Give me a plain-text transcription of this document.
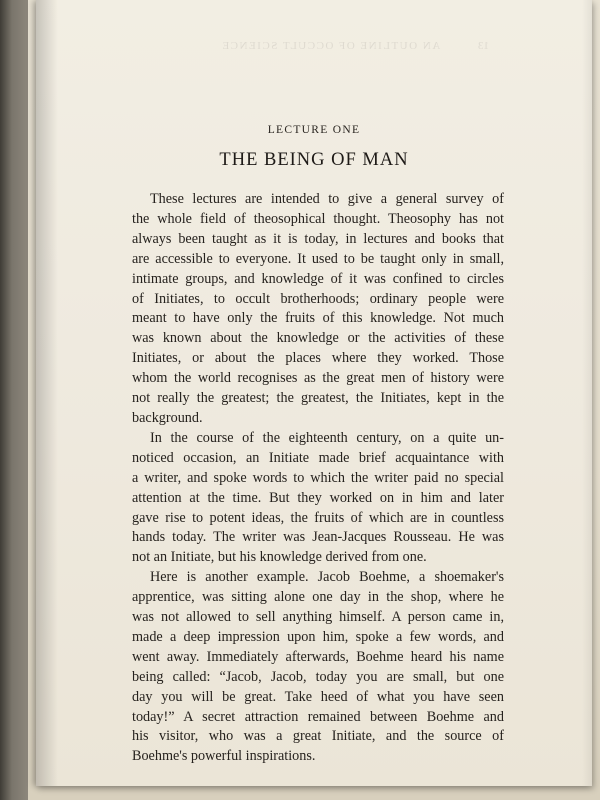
AN OUTLINE OF OCCULT SCIENCE	13
LECTURE ONE
THE BEING OF MAN

These lectures are intended to give a general survey of
the whole field of theosophical thought. Theosophy has not
always been taught as it is today, in lectures and books that
are accessible to everyone. It used to be taught only in small,
intimate groups, and knowledge of it was confined to circles
of Initiates, to occult brotherhoods; ordinary people were
meant to have only the fruits of this knowledge. Not much
was known about the knowledge or the activities of these
Initiates, or about the places where they worked. Those
whom the world recognises as the great men of history were
not really the greatest; the greatest, the Initiates, kept in the
background.

In the course of the eighteenth century, on a quite un-
noticed occasion, an Initiate made brief acquaintance with
a writer, and spoke words to which the writer paid no special
attention at the time. But they worked on in him and later
gave rise to potent ideas, the fruits of which are in countless
hands today. The writer was Jean-Jacques Rousseau. He was
not an Initiate, but his knowledge derived from one.

Here is another example. Jacob Boehme, a shoemaker's
apprentice, was sitting alone one day in the shop, where he
was not allowed to sell anything himself. A person came in,
made a deep impression upon him, spoke a few words, and
went away. Immediately afterwards, Boehme heard his name
being called: “Jacob, Jacob, today you are small, but one
day you will be great. Take heed of what you have seen
today!” A secret attraction remained between Boehme and
his visitor, who was a great Initiate, and the source of
Boehme's powerful inspirations.
